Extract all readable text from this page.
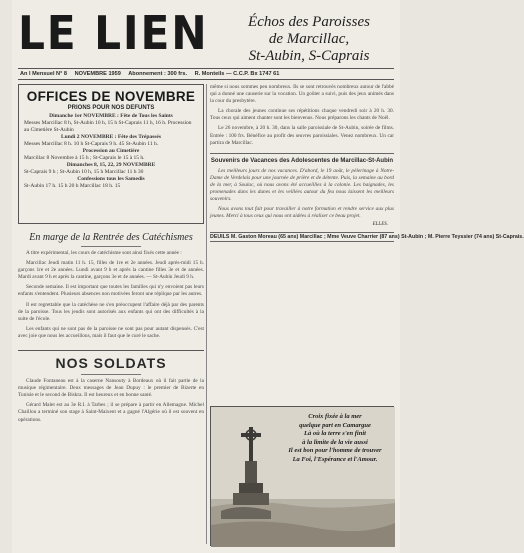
LE LIEN	Échos des Paroisses
de Marcillac,
St-Aubin, S-Caprais
An I Mensuel N° 8 NOVEMBRE 1959 Abonnement : 300 frs. R. Monteils — C.C.P. Bx 1747 61
OFFICES DE NOVEMBRE
PRIONS POUR NOS DEFUNTS
Dimanche 1er NOVEMBRE : Fête de Tous les Saints
Messes Marcillac 8 h, St-Aubin 10 h, 15 h St-Caprais 11 h, 16 h. Procession au Cimetière St-Aubin
Lundi 2 NOVEMBRE : Fête des Trépassés
Messes Marcillac 8 h. 10 h St-Caprais 9 h. 45 St-Aubin 11 h.
Procession au Cimetière
Marcillac 8 Novembre à 15 h ; St-Caprais le 15 à 15 h.
Dimanches 8, 15, 22, 29 NOVEMBRE
St-Caprais 9 h ; St-Aubin 10 h, 15 h Marcillac 11 h 30
Confessions tous les Samedis
St-Aubin 17 h. 15 h 20 h Marcillac 18 h. 15
En marge de la Rentrée des Catéchismes

A titre expérimental, les cours de catéchisme sont ainsi fixés cette année :

Marcillac Jeudi matin 11 h. 15, filles de 1re et 2e années. Jeudi après-midi 15 h. garçons 1re et 2e années. Lundi avant 9 h et après la cantine filles 3e et 4e années. Mardi avant 9 h et après la cantine, garçons 3e et 4e années. — St-Aubin Jeudi 9 h.

Seconde semaine. Il est important que toutes les familles qui n'y envoient pas leurs enfants s'entendent. Plusieurs absences non motivées feront une réplique par les autres.

Il est regrettable que la catéchèse ne s'en préoccupent l'affaire déjà par des parents de la paroisse. Tous les jeudis sont autorisés aux enfants qui ont des difficultés à la suite de l'école.

Les enfants qui ne sont pas de la paroisse ne sont pas pour autant dispensés. C'est avec joie que nous les accueillons, mais il faut que le curé le sache.

NOS SOLDATS

Claude Fontaneau est à la caserne Nansouty à Bordeaux où il fait partie de la musique régimentaire. Deux messages de Jean Dupuy : le premier de Bizerte en Tunisie et le second de Biskra. Il est heureux et en bonne santé.

Gérard Malet est au 3e R.I. à Tarbes ; il se prépare à partir en Allemagne. Michel Chaillou a terminé son stage à Saint-Maixent et a gagné l'Algérie où il est souvent en opérations.

même si nous sommes peu nombreux. Ils se sont retrouvés nombreux autour de l'abbé qui a donné une causerie sur la vocation. Un goûter a suivi, puis des jeux animés dans la cour du presbytère.

La chorale des jeunes continue ses répétitions chaque vendredi soir à 20 h. 30. Tous ceux qui aiment chanter sont les bienvenus. Nous préparons les chants de Noël.

Le 26 novembre, à 20 h. 30, dans la salle paroissiale de St-Aubin, soirée de films. Entrée : 100 frs. Bénéfice au profit des œuvres paroissiales. Venez nombreux. Un car partira de Marcillac.

Souvenirs de Vacances des Adolescentes de Marcillac-St-Aubin

Les meilleurs jours de nos vacances. D'abord, le 19 août, le pèlerinage à Notre-Dame de Verdelais pour une journée de prière et de détente. Puis, la semaine au bord de la mer, à Soulac, où nous avons été accueillies à la colonie. Les baignades, les promenades dans les dunes et les veillées autour du feu nous laissent les meilleurs souvenirs.

Nous avons tout fait pour travailler à notre formation et rendre service aux plus jeunes. Merci à tous ceux qui nous ont aidées à réaliser ce beau projet.

ELLES.
DEUILS M. Gaston Moreau (65 ans) Marcillac ; Mme Veuve Charrier (87 ans) St-Aubin ; M. Pierre Teyssier (74 ans) St-Caprais.
Croix fixée à la mer
quelque part en Camargue
Là où la terre s'en finit
à la limite de la vie aussi
Il est bon pour l'homme de trouver
La Foi, l'Espérance et l'Amour.
